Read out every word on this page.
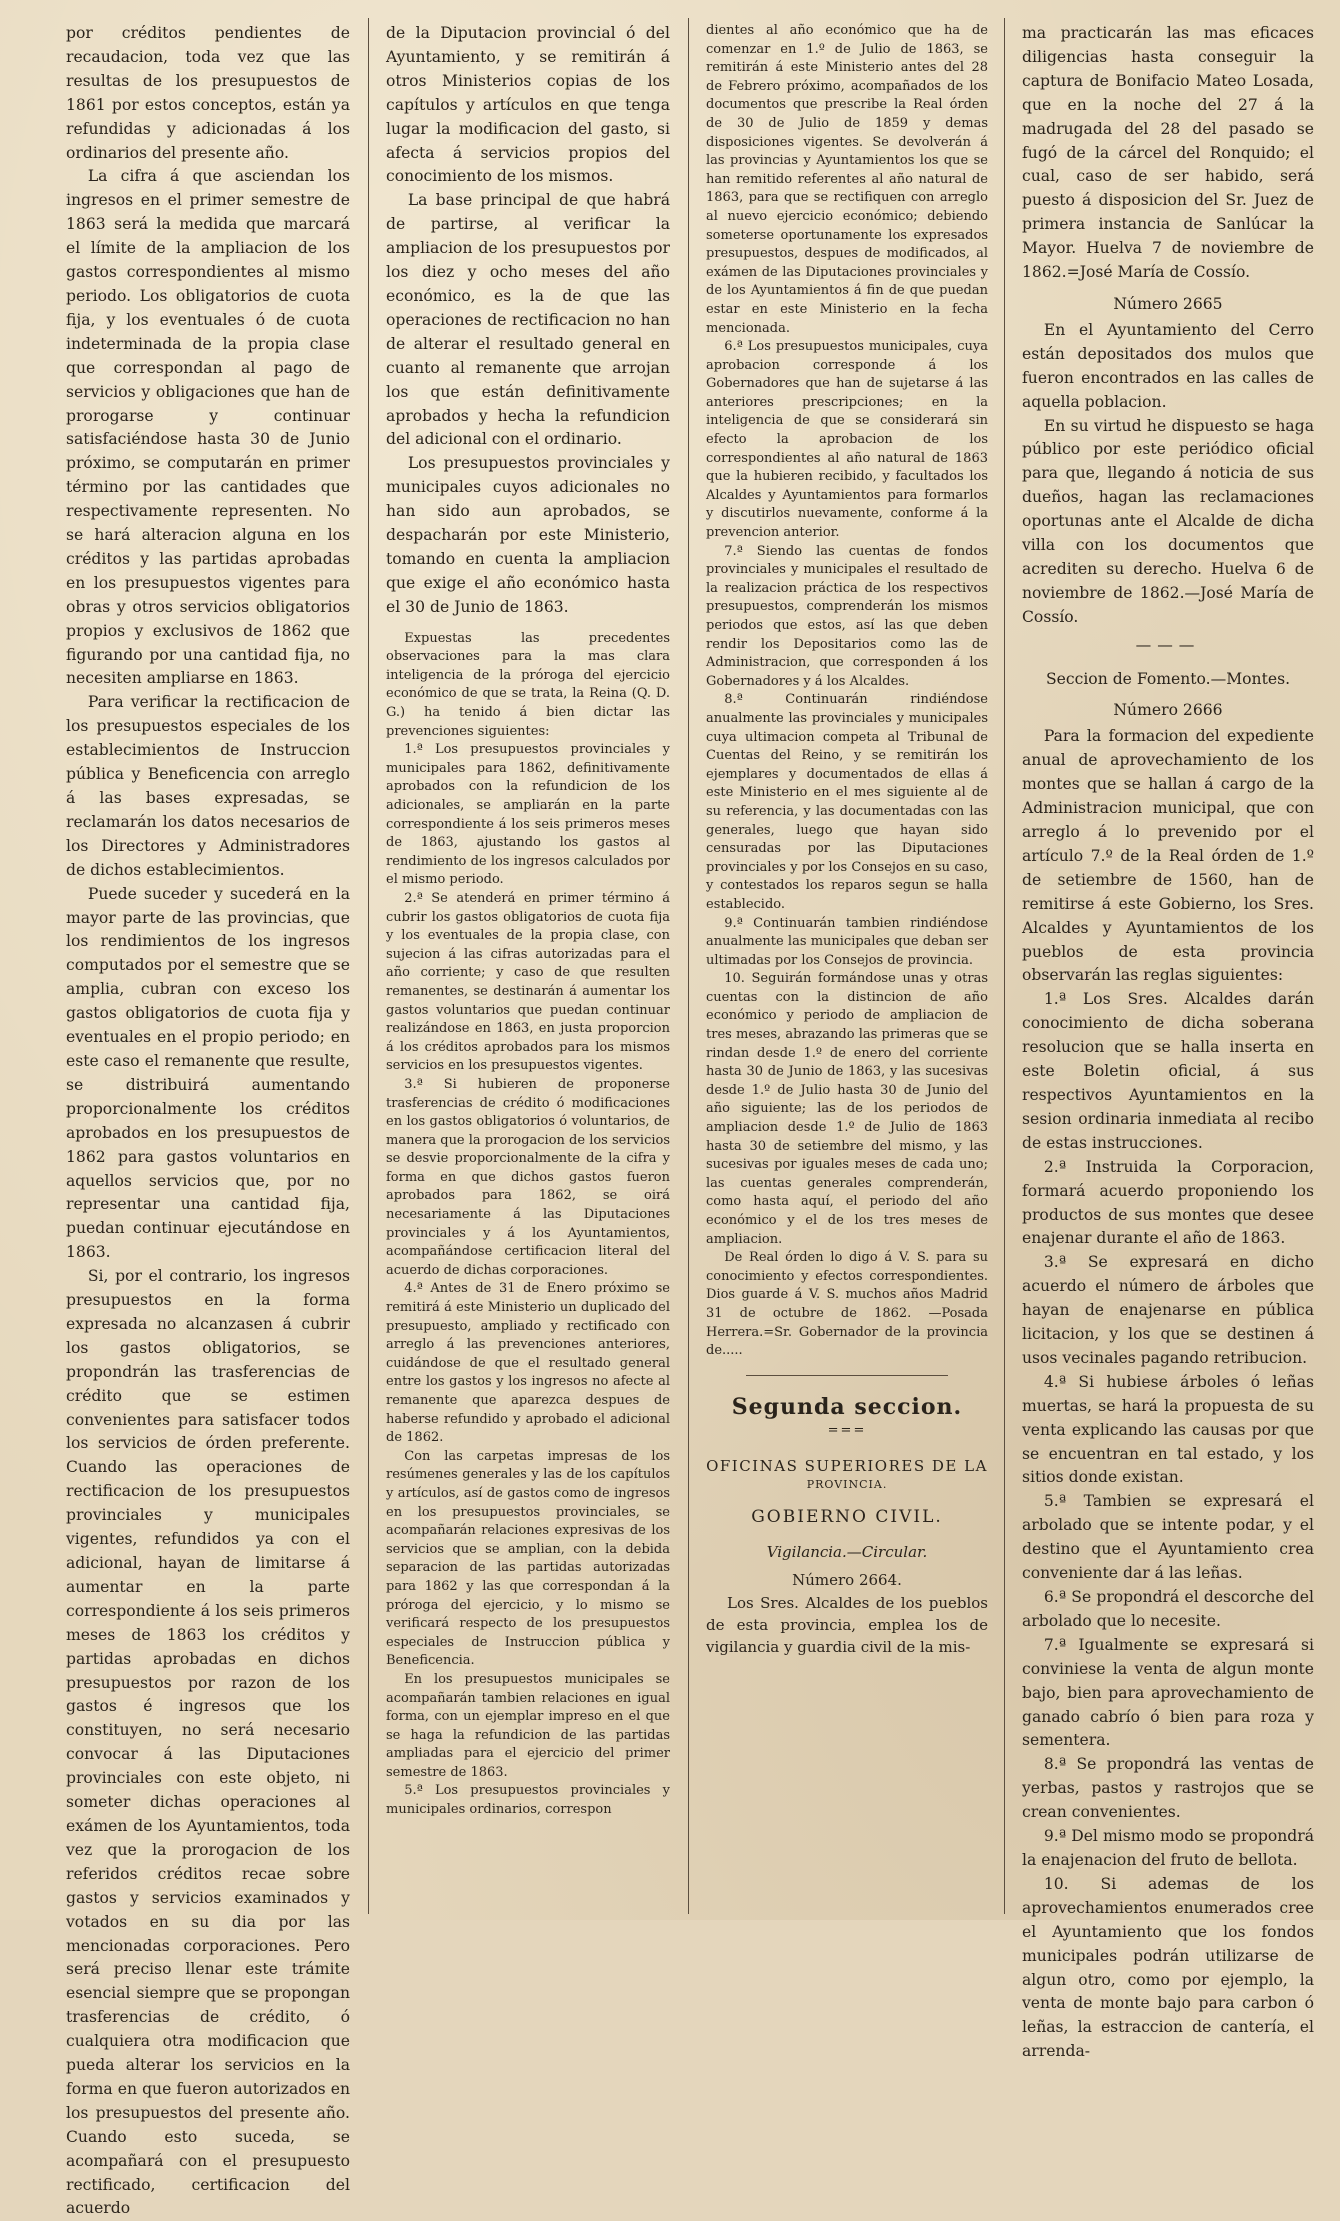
por créditos pendientes de recaudacion, toda vez que las resultas de los presupuestos de 1861 por estos conceptos, están ya refundidas y adicionadas á los ordinarios del presente año.

La cifra á que asciendan los ingresos en el primer semestre de 1863 será la medida que marcará el límite de la ampliacion de los gastos correspondientes al mismo periodo. Los obligatorios de cuota fija, y los eventuales ó de cuota indeterminada de la propia clase que correspondan al pago de servicios y obligaciones que han de prorogarse y continuar satisfaciéndose hasta 30 de Junio próximo, se computarán en primer término por las cantidades que respectivamente representen. No se hará alteracion alguna en los créditos y las partidas aprobadas en los presupuestos vigentes para obras y otros servicios obligatorios propios y exclusivos de 1862 que figurando por una cantidad fija, no necesiten ampliarse en 1863.

Para verificar la rectificacion de los presupuestos especiales de los establecimientos de Instruccion pública y Beneficencia con arreglo á las bases expresadas, se reclamarán los datos necesarios de los Directores y Administradores de dichos establecimientos.

Puede suceder y sucederá en la mayor parte de las provincias, que los rendimientos de los ingresos computados por el semestre que se amplia, cubran con exceso los gastos obligatorios de cuota fija y eventuales en el propio periodo; en este caso el remanente que resulte, se distribuirá aumentando proporcionalmente los créditos aprobados en los presupuestos de 1862 para gastos voluntarios en aquellos servicios que, por no representar una cantidad fija, puedan continuar ejecutándose en 1863.

Si, por el contrario, los ingresos presupuestos en la forma expresada no alcanzasen á cubrir los gastos obligatorios, se propondrán las trasferencias de crédito que se estimen convenientes para satisfacer todos los servicios de órden preferente. Cuando las operaciones de rectificacion de los presupuestos provinciales y municipales vigentes, refundidos ya con el adicional, hayan de limitarse á aumentar en la parte correspondiente á los seis primeros meses de 1863 los créditos y partidas aprobadas en dichos presupuestos por razon de los gastos é ingresos que los constituyen, no será necesario convocar á las Diputaciones provinciales con este objeto, ni someter dichas operaciones al exámen de los Ayuntamientos, toda vez que la prorogacion de los referidos créditos recae sobre gastos y servicios examinados y votados en su dia por las mencionadas corporaciones. Pero será preciso llenar este trámite esencial siempre que se propongan trasferencias de crédito, ó cualquiera otra modificacion que pueda alterar los servicios en la forma en que fueron autorizados en los presupuestos del presente año. Cuando esto suceda, se acompañará con el presupuesto rectificado, certificacion del acuerdo

de la Diputacion provincial ó del Ayuntamiento, y se remitirán á otros Ministerios copias de los capítulos y artículos en que tenga lugar la modificacion del gasto, si afecta á servicios propios del conocimiento de los mismos.

La base principal de que habrá de partirse, al verificar la ampliacion de los presupuestos por los diez y ocho meses del año económico, es la de que las operaciones de rectificacion no han de alterar el resultado general en cuanto al remanente que arrojan los que están definitivamente aprobados y hecha la refundicion del adicional con el ordinario.

Los presupuestos provinciales y municipales cuyos adicionales no han sido aun aprobados, se despacharán por este Ministerio, tomando en cuenta la ampliacion que exige el año económico hasta el 30 de Junio de 1863.

Expuestas las precedentes observaciones para la mas clara inteligencia de la próroga del ejercicio económico de que se trata, la Reina (Q. D. G.) ha tenido á bien dictar las prevenciones siguientes:

1.ª Los presupuestos provinciales y municipales para 1862, definitivamente aprobados con la refundicion de los adicionales, se ampliarán en la parte correspondiente á los seis primeros meses de 1863, ajustando los gastos al rendimiento de los ingresos calculados por el mismo periodo.

2.ª Se atenderá en primer término á cubrir los gastos obligatorios de cuota fija y los eventuales de la propia clase, con sujecion á las cifras autorizadas para el año corriente; y caso de que resulten remanentes, se destinarán á aumentar los gastos voluntarios que puedan continuar realizándose en 1863, en justa proporcion á los créditos aprobados para los mismos servicios en los presupuestos vigentes.

3.ª Si hubieren de proponerse trasferencias de crédito ó modificaciones en los gastos obligatorios ó voluntarios, de manera que la prorogacion de los servicios se desvie proporcionalmente de la cifra y forma en que dichos gastos fueron aprobados para 1862, se oirá necesariamente á las Diputaciones provinciales y á los Ayuntamientos, acompañándose certificacion literal del acuerdo de dichas corporaciones.

4.ª Antes de 31 de Enero próximo se remitirá á este Ministerio un duplicado del presupuesto, ampliado y rectificado con arreglo á las prevenciones anteriores, cuidándose de que el resultado general entre los gastos y los ingresos no afecte al remanente que aparezca despues de haberse refundido y aprobado el adicional de 1862.

Con las carpetas impresas de los resúmenes generales y las de los capítulos y artículos, así de gastos como de ingresos en los presupuestos provinciales, se acompañarán relaciones expresivas de los servicios que se amplian, con la debida separacion de las partidas autorizadas para 1862 y las que correspondan á la prórogа del ejercicio, y lo mismo se verificará respecto de los presupuestos especiales de Instruccion pública y Beneficencia.

En los presupuestos municipales se acompañarán tambien relaciones en igual forma, con un ejemplar impreso en el que se haga la refundicion de las partidas ampliadas para el ejercicio del primer semestre de 1863.

5.ª Los presupuestos provinciales y municipales ordinarios, correspon

dientes al año económico que ha de comenzar en 1.º de Julio de 1863, se remitirán á este Ministerio antes del 28 de Febrero próximo, acompañados de los documentos que prescribe la Real órden de 30 de Julio de 1859 y demas disposiciones vigentes. Se devolverán á las provincias y Ayuntamientos los que se han remitido referentes al año natural de 1863, para que se rectifiquen con arreglo al nuevo ejercicio económico; debiendo someterse oportunamente los expresados presupuestos, despues de modificados, al exámen de las Diputaciones provinciales y de los Ayuntamientos á fin de que puedan estar en este Ministerio en la fecha mencionada.

6.ª Los presupuestos municipales, cuya aprobacion corresponde á los Gobernadores que han de sujetarse á las anteriores prescripciones; en la inteligencia de que se considerará sin efecto la aprobacion de los correspondientes al año natural de 1863 que la hubieren recibido, y facultados los Alcaldes y Ayuntamientos para formarlos y discutirlos nuevamente, conforme á la prevencion anterior.

7.ª Siendo las cuentas de fondos provinciales y municipales el resultado de la realizacion práctica de los respectivos presupuestos, comprenderán los mismos periodos que estos, así las que deben rendir los Depositarios como las de Administracion, que corresponden á los Gobernadores y á los Alcaldes.

8.ª Continuarán rindiéndose anualmente las provinciales y municipales cuya ultimacion competa al Tribunal de Cuentas del Reino, y se remitirán los ejemplares y documentados de ellas á este Ministerio en el mes siguiente al de su referencia, y las documentadas con las generales, luego que hayan sido censuradas por las Diputaciones provinciales y por los Consejos en su caso, y contestados los reparos segun se halla establecido.

9.ª Continuarán tambien rindiéndose anualmente las municipales que deban ser ultimadas por los Consejos de provincia.

10. Seguirán formándose unas y otras cuentas con la distincion de año económico y periodo de ampliacion de tres meses, abrazando las primeras que se rindan desde 1.º de enero del corriente hasta 30 de Junio de 1863, y las sucesivas desde 1.º de Julio hasta 30 de Junio del año siguiente; las de los periodos de ampliacion desde 1.º de Julio de 1863 hasta 30 de setiembre del mismo, y las sucesivas por iguales meses de cada uno; las cuentas generales comprenderán, como hasta aquí, el periodo del año económico y el de los tres meses de ampliacion.

De Real órden lo digo á V. S. para su conocimiento y efectos correspondientes. Dios guarde á V. S. muchos años Madrid 31 de octubre de 1862. —Posada Herrera.=Sr. Gobernador de la provincia de.....

Segunda seccion.

===

OFICINAS SUPERIORES DE LA

PROVINCIA.

GOBIERNO CIVIL.

Vigilancia.—Circular.

Número 2664.

Los Sres. Alcaldes de los pueblos de esta provincia, emplea los de vigilancia y guardia civil de la mis-

ma practicarán las mas eficaces diligencias hasta conseguir la captura de Bonifacio Mateo Losada, que en la noche del 27 á la madrugada del 28 del pasado se fugó de la cárcel del Ronquido; el cual, caso de ser habido, será puesto á disposicion del Sr. Juez de primera instancia de Sanlúcar la Mayor. Huelva 7 de noviembre de 1862.=José María de Cossío.

Número 2665

En el Ayuntamiento del Cerro están depositados dos mulos que fueron encontrados en las calles de aquella poblacion.

En su virtud he dispuesto se haga público por este periódico oficial para que, llegando á noticia de sus dueños, hagan las reclamaciones oportunas ante el Alcalde de dicha villa con los documentos que acrediten su derecho. Huelva 6 de noviembre de 1862.—José María de Cossío.

———

Seccion de Fomento.—Montes.

Número 2666

Para la formacion del expediente anual de aprovechamiento de los montes que se hallan á cargo de la Administracion municipal, que con arreglo á lo prevenido por el artículo 7.º de la Real órden de 1.º de setiembre de 1560, han de remitirse á este Gobierno, los Sres. Alcaldes y Ayuntamientos de los pueblos de esta provincia observarán las reglas siguientes:

1.ª Los Sres. Alcaldes darán conocimiento de dicha soberana resolucion que se halla inserta en este Boletin oficial, á sus respectivos Ayuntamientos en la sesion ordinaria inmediata al recibo de estas instrucciones.

2.ª Instruida la Corporacion, formará acuerdo proponiendo los productos de sus montes que desee enajenar durante el año de 1863.

3.ª Se expresará en dicho acuerdo el número de árboles que hayan de enajenarse en pública licitacion, y los que se destinen á usos vecinales pagando retribucion.

4.ª Si hubiese árboles ó leñas muertas, se hará la propuesta de su venta explicando las causas por que se encuentran en tal estado, y los sitios donde existan.

5.ª Tambien se expresará el arbolado que se intente podar, y el destino que el Ayuntamiento crea conveniente dar á las leñas.

6.ª Se propondrá el descorche del arbolado que lo necesite.

7.ª Igualmente se expresará si conviniese la venta de algun monte bajo, bien para aprovechamiento de ganado cabrío ó bien para roza y sementera.

8.ª Se propondrá las ventas de yerbas, pastos y rastrojos que se crean convenientes.

9.ª Del mismo modo se propondrá la enajenacion del fruto de bellota.

10. Si ademas de los aprovechamientos enumerados cree el Ayuntamiento que los fondos municipales podrán utilizarse de algun otro, como por ejemplo, la venta de monte bajo para carbon ó leñas, la estraccion de cantería, el arrenda-
